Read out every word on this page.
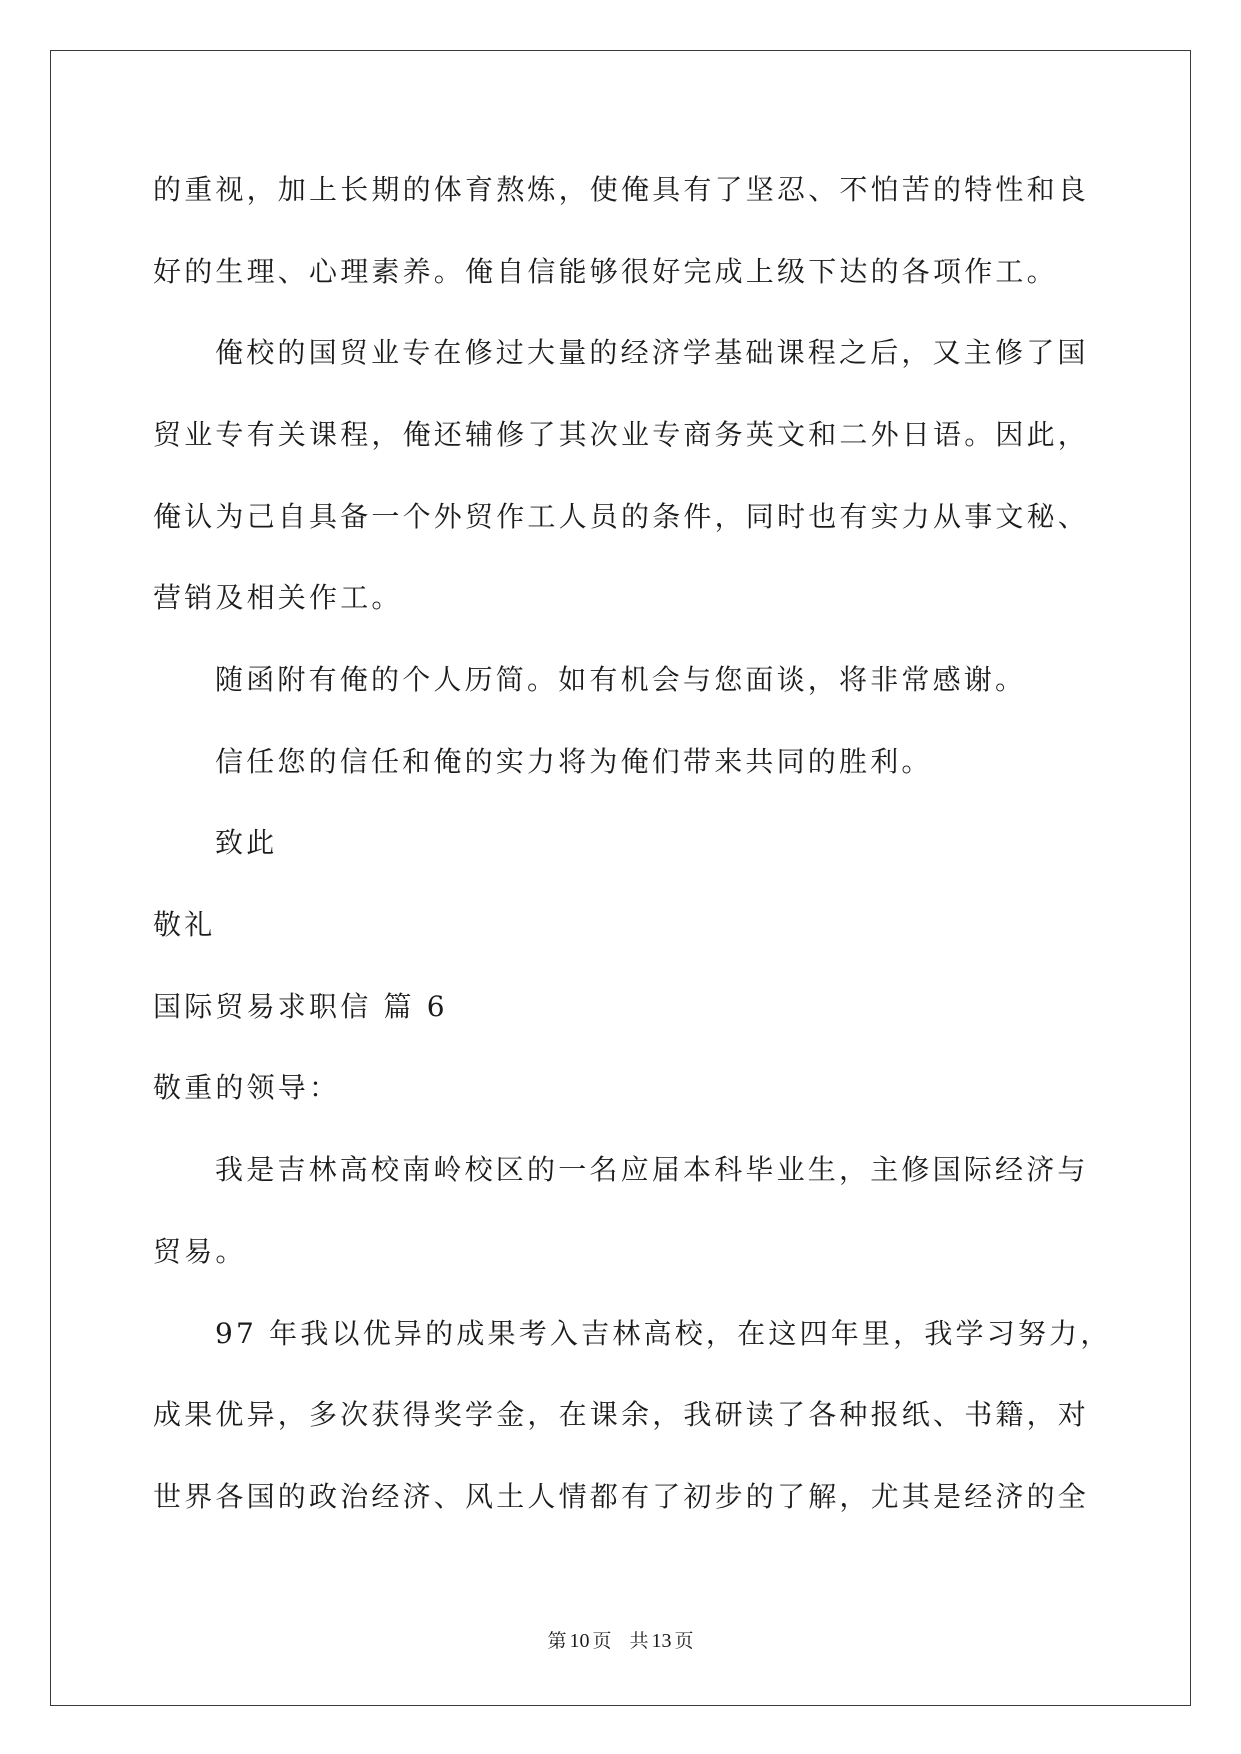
的重视，加上长期的体育熬炼，使俺具有了坚忍、不怕苦的特性和良
好的生理、心理素养。俺自信能够很好完成上级下达的各项作工。
俺校的国贸业专在修过大量的经济学基础课程之后，又主修了国
贸业专有关课程，俺还辅修了其次业专商务英文和二外日语。因此，
俺认为己自具备一个外贸作工人员的条件，同时也有实力从事文秘、
营销及相关作工。
随函附有俺的个人历简。如有机会与您面谈，将非常感谢。
信任您的信任和俺的实力将为俺们带来共同的胜利。
致此
敬礼
国际贸易求职信 篇 6
敬重的领导：
我是吉林高校南岭校区的一名应届本科毕业生，主修国际经济与
贸易。
97 年我以优异的成果考入吉林高校，在这四年里，我学习努力，
成果优异，多次获得奖学金，在课余，我研读了各种报纸、书籍，对
世界各国的政治经济、风土人情都有了初步的了解，尤其是经济的全
第 10 页 共 13 页
